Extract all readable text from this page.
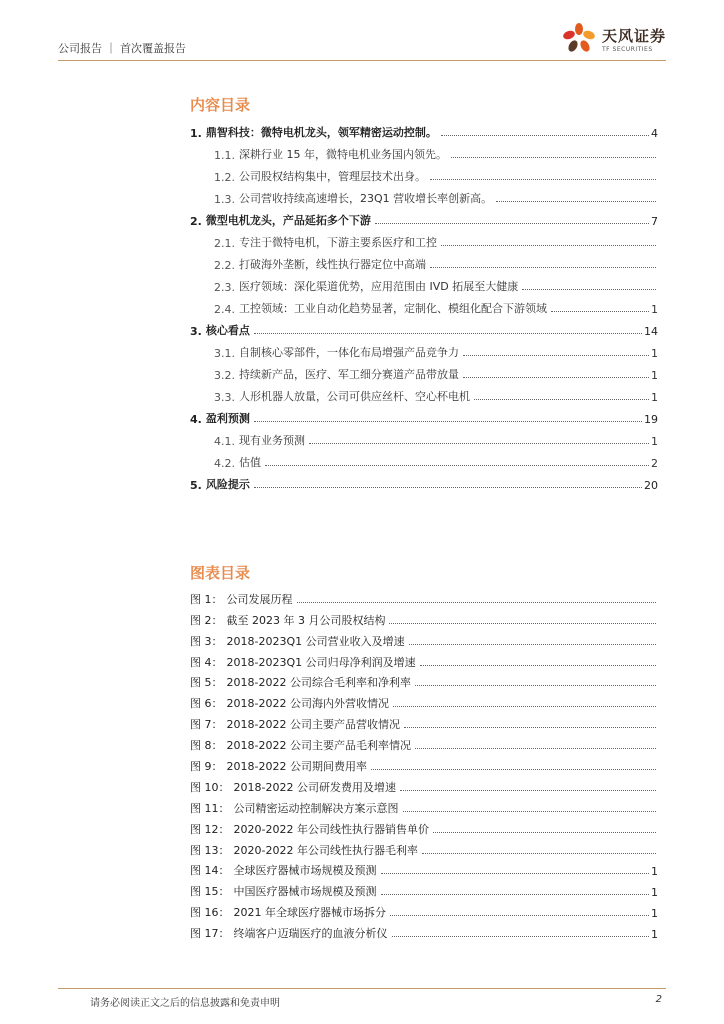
公司报告 ｜ 首次覆盖报告
天风证券
TF SECURITIES
内容目录
1. 鼎智科技：微特电机龙头，领军精密运动控制。	4
1.1. 深耕行业 15 年，微特电机业务国内领先。
1.2. 公司股权结构集中，管理层技术出身。
1.3. 公司营收持续高速增长，23Q1 营收增长率创新高。
2. 微型电机龙头，产品延拓多个下游	7
2.1. 专注于微特电机，下游主要系医疗和工控
2.2. 打破海外垄断，线性执行器定位中高端
2.3. 医疗领域：深化渠道优势，应用范围由 IVD 拓展至大健康
2.4. 工控领域：工业自动化趋势显著，定制化、模组化配合下游领域	1
3. 核心看点	14
3.1. 自制核心零部件，一体化布局增强产品竞争力	1
3.2. 持续新产品，医疗、军工细分赛道产品带放量	1
3.3. 人形机器人放量，公司可供应丝杆、空心杯电机	1
4. 盈利预测	19
4.1. 现有业务预测	1
4.2. 估值	2
5. 风险提示	20
图表目录
图 1： 公司发展历程
图 2： 截至 2023 年 3 月公司股权结构
图 3： 2018-2023Q1 公司营业收入及增速
图 4： 2018-2023Q1 公司归母净利润及增速
图 5： 2018-2022 公司综合毛利率和净利率
图 6： 2018-2022 公司海内外营收情况
图 7： 2018-2022 公司主要产品营收情况
图 8： 2018-2022 公司主要产品毛利率情况
图 9： 2018-2022 公司期间费用率
图 10： 2018-2022 公司研发费用及增速
图 11： 公司精密运动控制解决方案示意图
图 12： 2020-2022 年公司线性执行器销售单价
图 13： 2020-2022 年公司线性执行器毛利率
图 14： 全球医疗器械市场规模及预测	1
图 15： 中国医疗器械市场规模及预测	1
图 16： 2021 年全球医疗器械市场拆分	1
图 17： 终端客户迈瑞医疗的血液分析仪	1
请务必阅读正文之后的信息披露和免责申明	2
